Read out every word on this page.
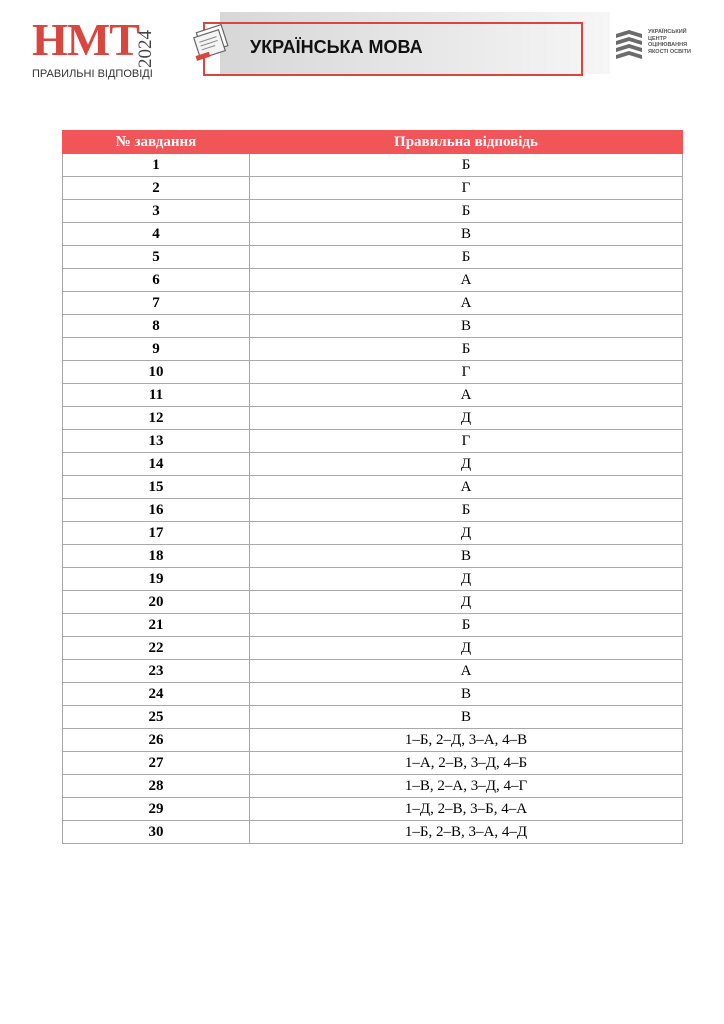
НМТ
2024
ПРАВИЛЬНІ ВІДПОВІДІ
УКРАЇНСЬКА МОВА
УКРАЇНСЬКИЙ
ЦЕНТР
ОЦІНЮВАННЯ
ЯКОСТІ ОСВІТИ
№ завдання	Правильна відповідь
1	Б
2	Г
3	Б
4	В
5	Б
6	А
7	А
8	В
9	Б
10	Г
11	А
12	Д
13	Г
14	Д
15	А
16	Б
17	Д
18	В
19	Д
20	Д
21	Б
22	Д
23	А
24	В
25	В
26	1–Б, 2–Д, 3–А, 4–В
27	1–А, 2–В, 3–Д, 4–Б
28	1–В, 2–А, 3–Д, 4–Г
29	1–Д, 2–В, 3–Б, 4–А
30	1–Б, 2–В, 3–А, 4–Д
